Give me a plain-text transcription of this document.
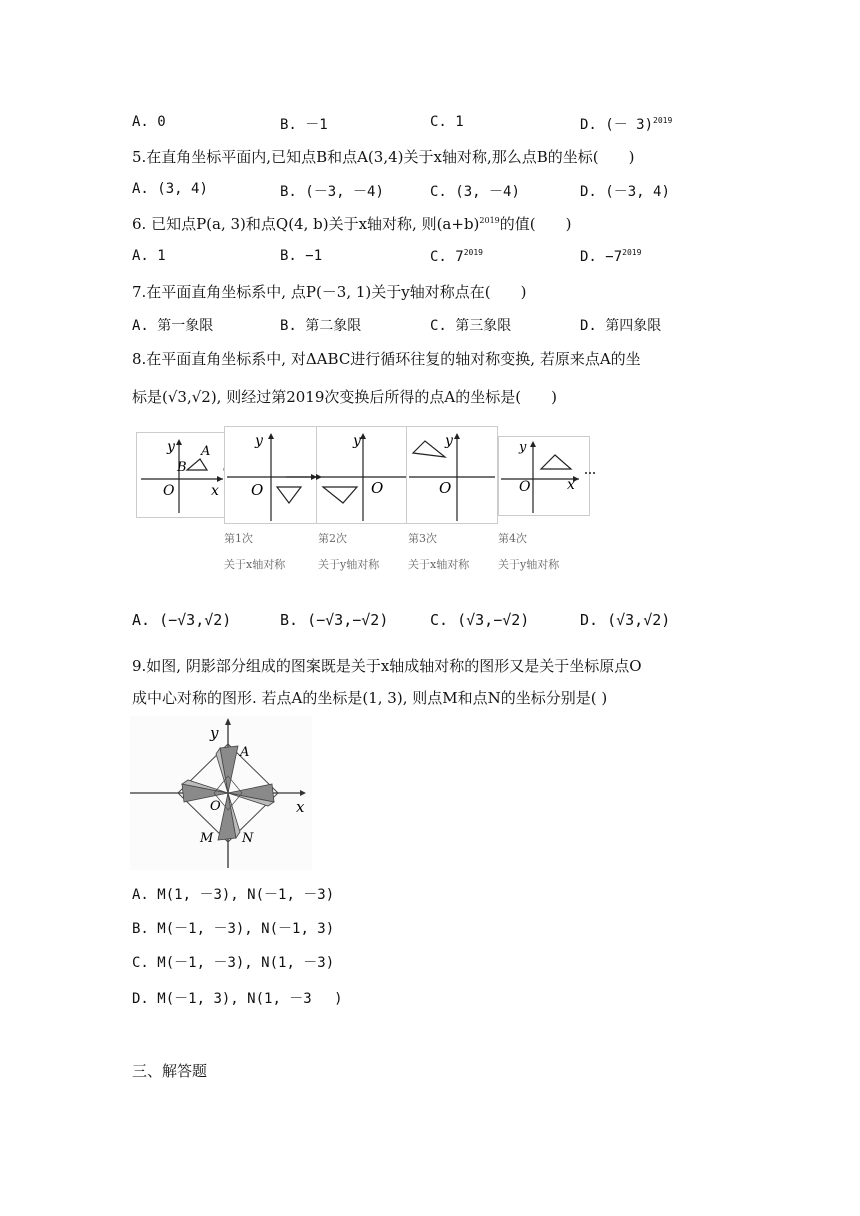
A. 0	B. －1	C. 1	D. (－ 3)$^{2019}$
5.在直角坐标平面内,已知点B和点A(3,4)关于x轴对称,那么点B的坐标(　　)
A. (3, 4)	B. (－3, －4)	C. (3, －4)	D. (－3, 4)
6. 已知点P(a, 3)和点Q(4, b)关于x轴对称, 则$(a+b)^{2019}$的值(　　)
A. 1	B. −1	C. $7^{2019}$	D. $-7^{2019}$
7.在平面直角坐标系中, 点P(－3, 1)关于y轴对称点在(　　)
A. 第一象限	B. 第二象限	C. 第三象限	D. 第四象限
8.在平面直角坐标系中, 对ΔABC进行循环往复的轴对称变换, 若原来点A的坐
标是(√3,√2), 则经过第2019次变换后所得的点A的坐标是(　　)
y A
B
O	x
y
O
y
O
y
O
y
O	x
第1次	第2次	第3次	第4次
关于x轴对称	关于y轴对称	关于x轴对称	关于y轴对称
A. (−√3,√2)	B. (−√3,−√2)	C. (√3,−√2)	D. (√3,√2)
9.如图, 阴影部分组成的图案既是关于x轴成轴对称的图形又是关于坐标原点O
成中心对称的图形. 若点A的坐标是(1, 3), 则点M和点N的坐标分别是( )
y
A
O	x
M N
A. M(1, －3), N(－1, －3)
B. M(－1, －3), N(－1, 3)
C. M(－1, －3), N(1, －3)
D. M(－1, 3), N(1, －3　 )
三、解答题
